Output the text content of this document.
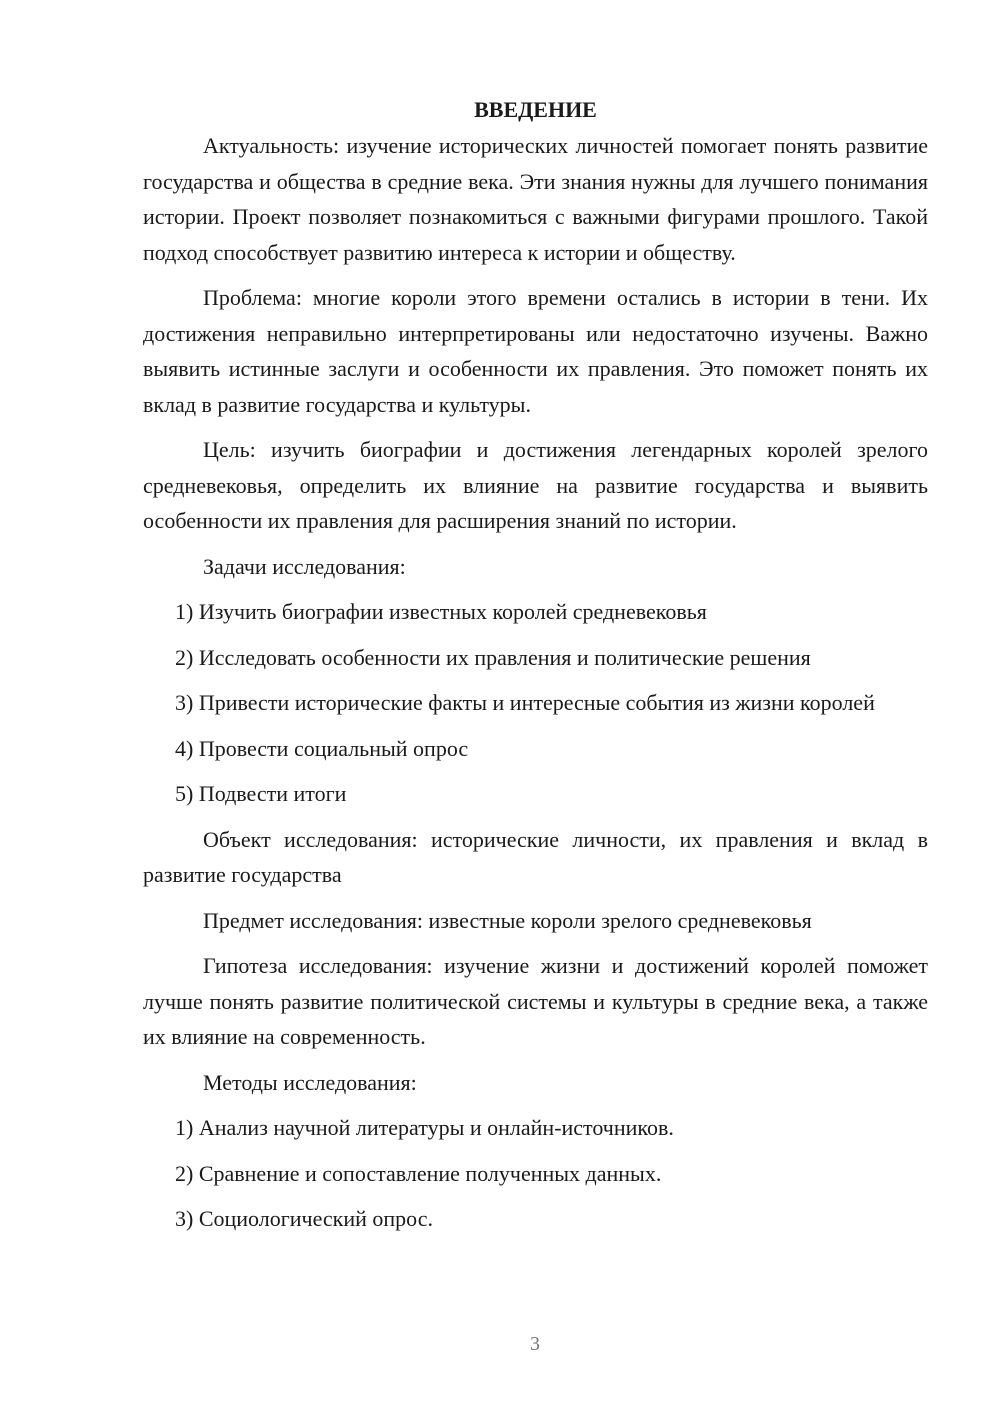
ВВЕДЕНИЕ

Актуальность: изучение исторических личностей помогает понять развитие государства и общества в средние века. Эти знания нужны для лучшего понимания истории. Проект позволяет познакомиться с важными фигурами прошлого. Такой подход способствует развитию интереса к истории и обществу.

Проблема: многие короли этого времени остались в истории в тени. Их достижения неправильно интерпретированы или недостаточно изучены. Важно выявить истинные заслуги и особенности их правления. Это поможет понять их вклад в развитие государства и культуры.

Цель: изучить биографии и достижения легендарных королей зрелого средневековья, определить их влияние на развитие государства и выявить особенности их правления для расширения знаний по истории.

Задачи исследования:

1) Изучить биографии известных королей средневековья

2) Исследовать особенности их правления и политические решения

3) Привести исторические факты и интересные события из жизни королей

4) Провести социальный опрос

5) Подвести итоги

Объект исследования: исторические личности, их правления и вклад в развитие государства

Предмет исследования: известные короли зрелого средневековья

Гипотеза исследования: изучение жизни и достижений королей поможет лучше понять развитие политической системы и культуры в средние века, а также их влияние на современность.

Методы исследования:

1) Анализ научной литературы и онлайн-источников.

2) Сравнение и сопоставление полученных данных.

3) Социологический опрос.

3
